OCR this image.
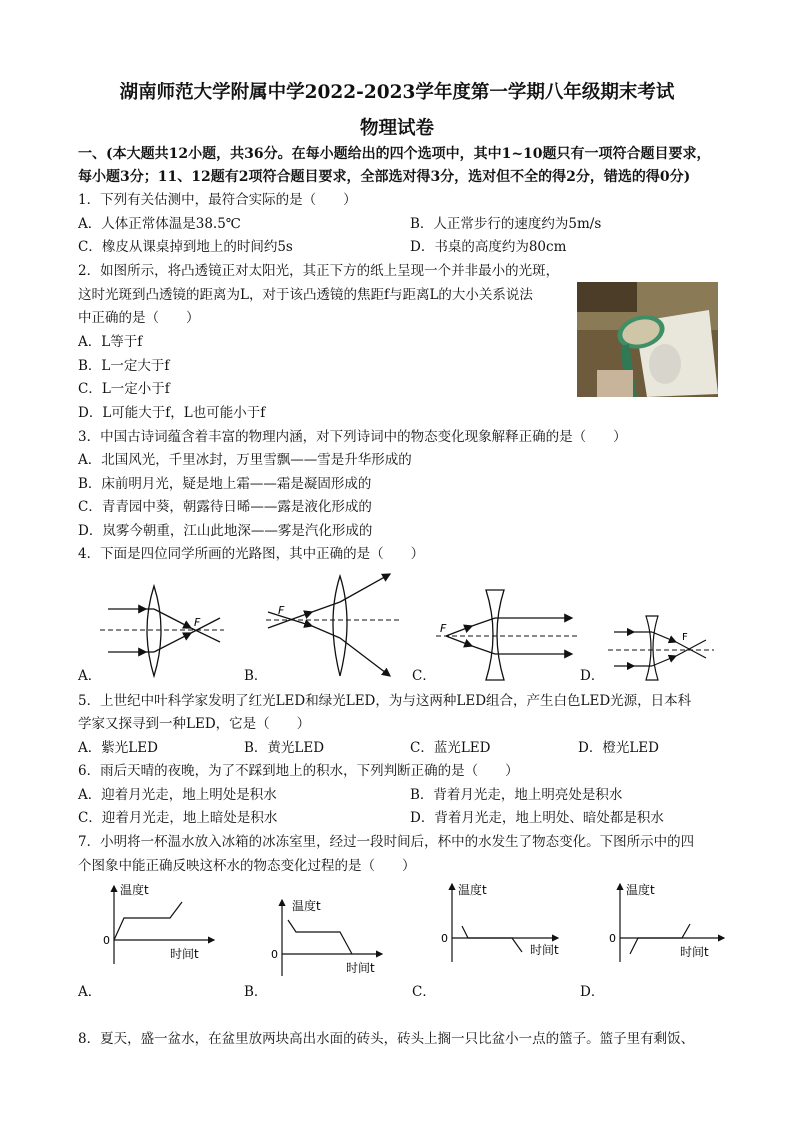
湖南师范大学附属中学2022-2023学年度第一学期八年级期末考试
物理试卷
一、(本大题共12小题，共36分。在每小题给出的四个选项中，其中1~10题只有一项符合题目要求，
每小题3分；11、12题有2项符合题目要求，全部选对得3分，选对但不全的得2分，错选的得0分)
1．下列有关估测中，最符合实际的是（　　）
A．人体正常体温是38.5℃	B．人正常步行的速度约为5m/s
C．橡皮从课桌掉到地上的时间约5s	D．书桌的高度约为80cm
2．如图所示，将凸透镜正对太阳光，其正下方的纸上呈现一个并非最小的光斑，
这时光斑到凸透镜的距离为L，对于该凸透镜的焦距f与距离L的大小关系说法
中正确的是（　　）
A．L等于f
B．L一定大于f
C．L一定小于f
D．L可能大于f，L也可能小于f
3．中国古诗词蕴含着丰富的物理内涵，对下列诗词中的物态变化现象解释正确的是（　　）
A．北国风光，千里冰封，万里雪飘——雪是升华形成的
B．床前明月光，疑是地上霜——霜是凝固形成的
C．青青园中葵，朝露待日晞——露是液化形成的
D．岚雾今朝重，江山此地深——雾是汽化形成的
4．下面是四位同学所画的光路图，其中正确的是（　　）
F
A．
F
B．
F
C．
F
D．
5．上世纪中叶科学家发明了红光LED和绿光LED，为与这两种LED组合，产生白色LED光源，日本科
学家又探寻到一种LED，它是（　　）
A．紫光LED	B．黄光LED	C．蓝光LED	D．橙光LED
6．雨后天晴的夜晚，为了不踩到地上的积水，下列判断正确的是（　　）
A．迎着月光走，地上明处是积水	B．背着月光走，地上明亮处是积水
C．迎着月光走，地上暗处是积水	D．背着月光走，地上明处、暗处都是积水
7．小明将一杯温水放入冰箱的冰冻室里，经过一段时间后，杯中的水发生了物态变化。下图所示中的四
个图象中能正确反映这杯水的物态变化过程的是（　　）
温度t
0
时间t
A．
温度t
0
时间t
B．
温度t
0
时间t
C．
温度t
0
时间t
D．
8．夏天，盛一盆水，在盆里放两块高出水面的砖头，砖头上搁一只比盆小一点的篮子。篮子里有剩饭、
